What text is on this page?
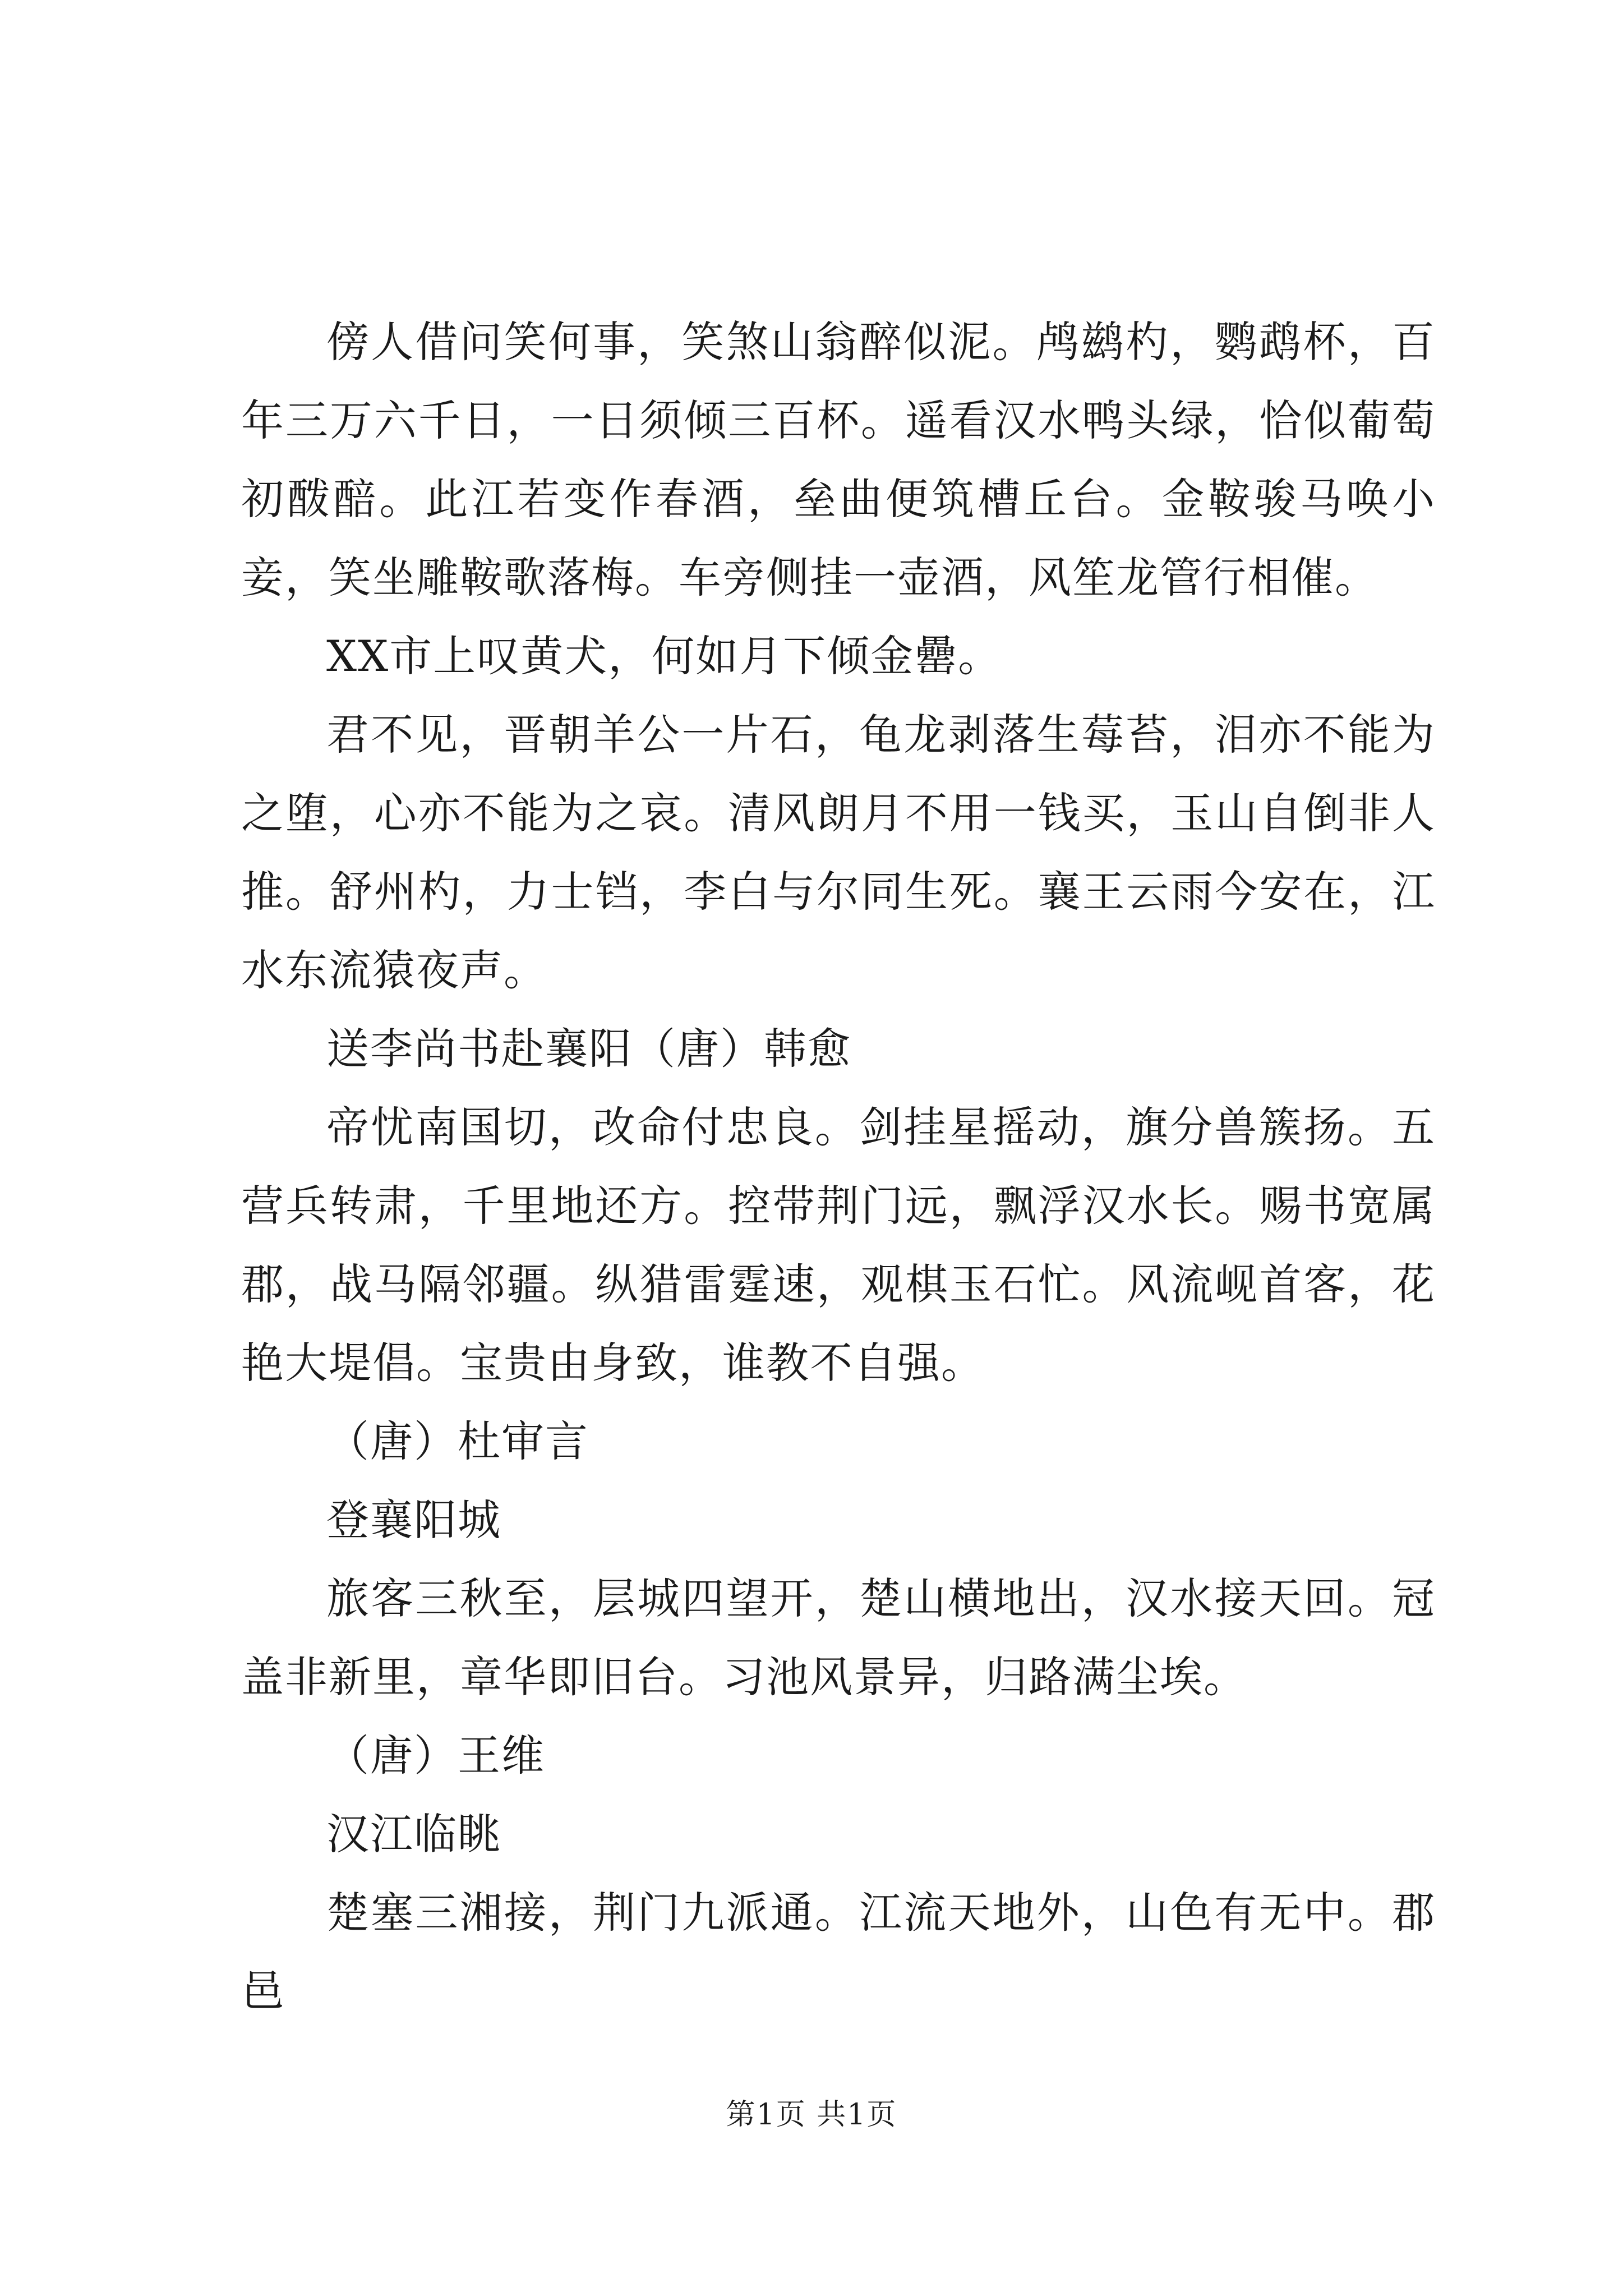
傍人借问笑何事，笑煞山翁醉似泥。鸬鹚杓，鹦鹉杯，百年三万六千日，一日须倾三百杯。遥看汉水鸭头绿，恰似葡萄初酦醅。此江若变作春酒，垒曲便筑槽丘台。金鞍骏马唤小妾，笑坐雕鞍歌落梅。车旁侧挂一壶酒，风笙龙管行相催。

XX市上叹黄犬，何如月下倾金罍。

君不见，晋朝羊公一片石，龟龙剥落生莓苔，泪亦不能为之堕，心亦不能为之哀。清风朗月不用一钱买，玉山自倒非人推。舒州杓，力士铛，李白与尔同生死。襄王云雨今安在，江水东流猿夜声。

送李尚书赴襄阳（唐）韩愈

帝忧南国切，改命付忠良。剑挂星摇动，旗分兽簇扬。五营兵转肃，千里地还方。控带荆门远，飘浮汉水长。赐书宽属郡，战马隔邻疆。纵猎雷霆速，观棋玉石忙。风流岘首客，花艳大堤倡。宝贵由身致，谁教不自强。

（唐）杜审言

登襄阳城

旅客三秋至，层城四望开，楚山横地出，汉水接天回。冠盖非新里，章华即旧台。习池风景异，归路满尘埃。

（唐）王维

汉江临眺

楚塞三湘接，荆门九派通。江流天地外，山色有无中。郡邑

第1页 共1页
